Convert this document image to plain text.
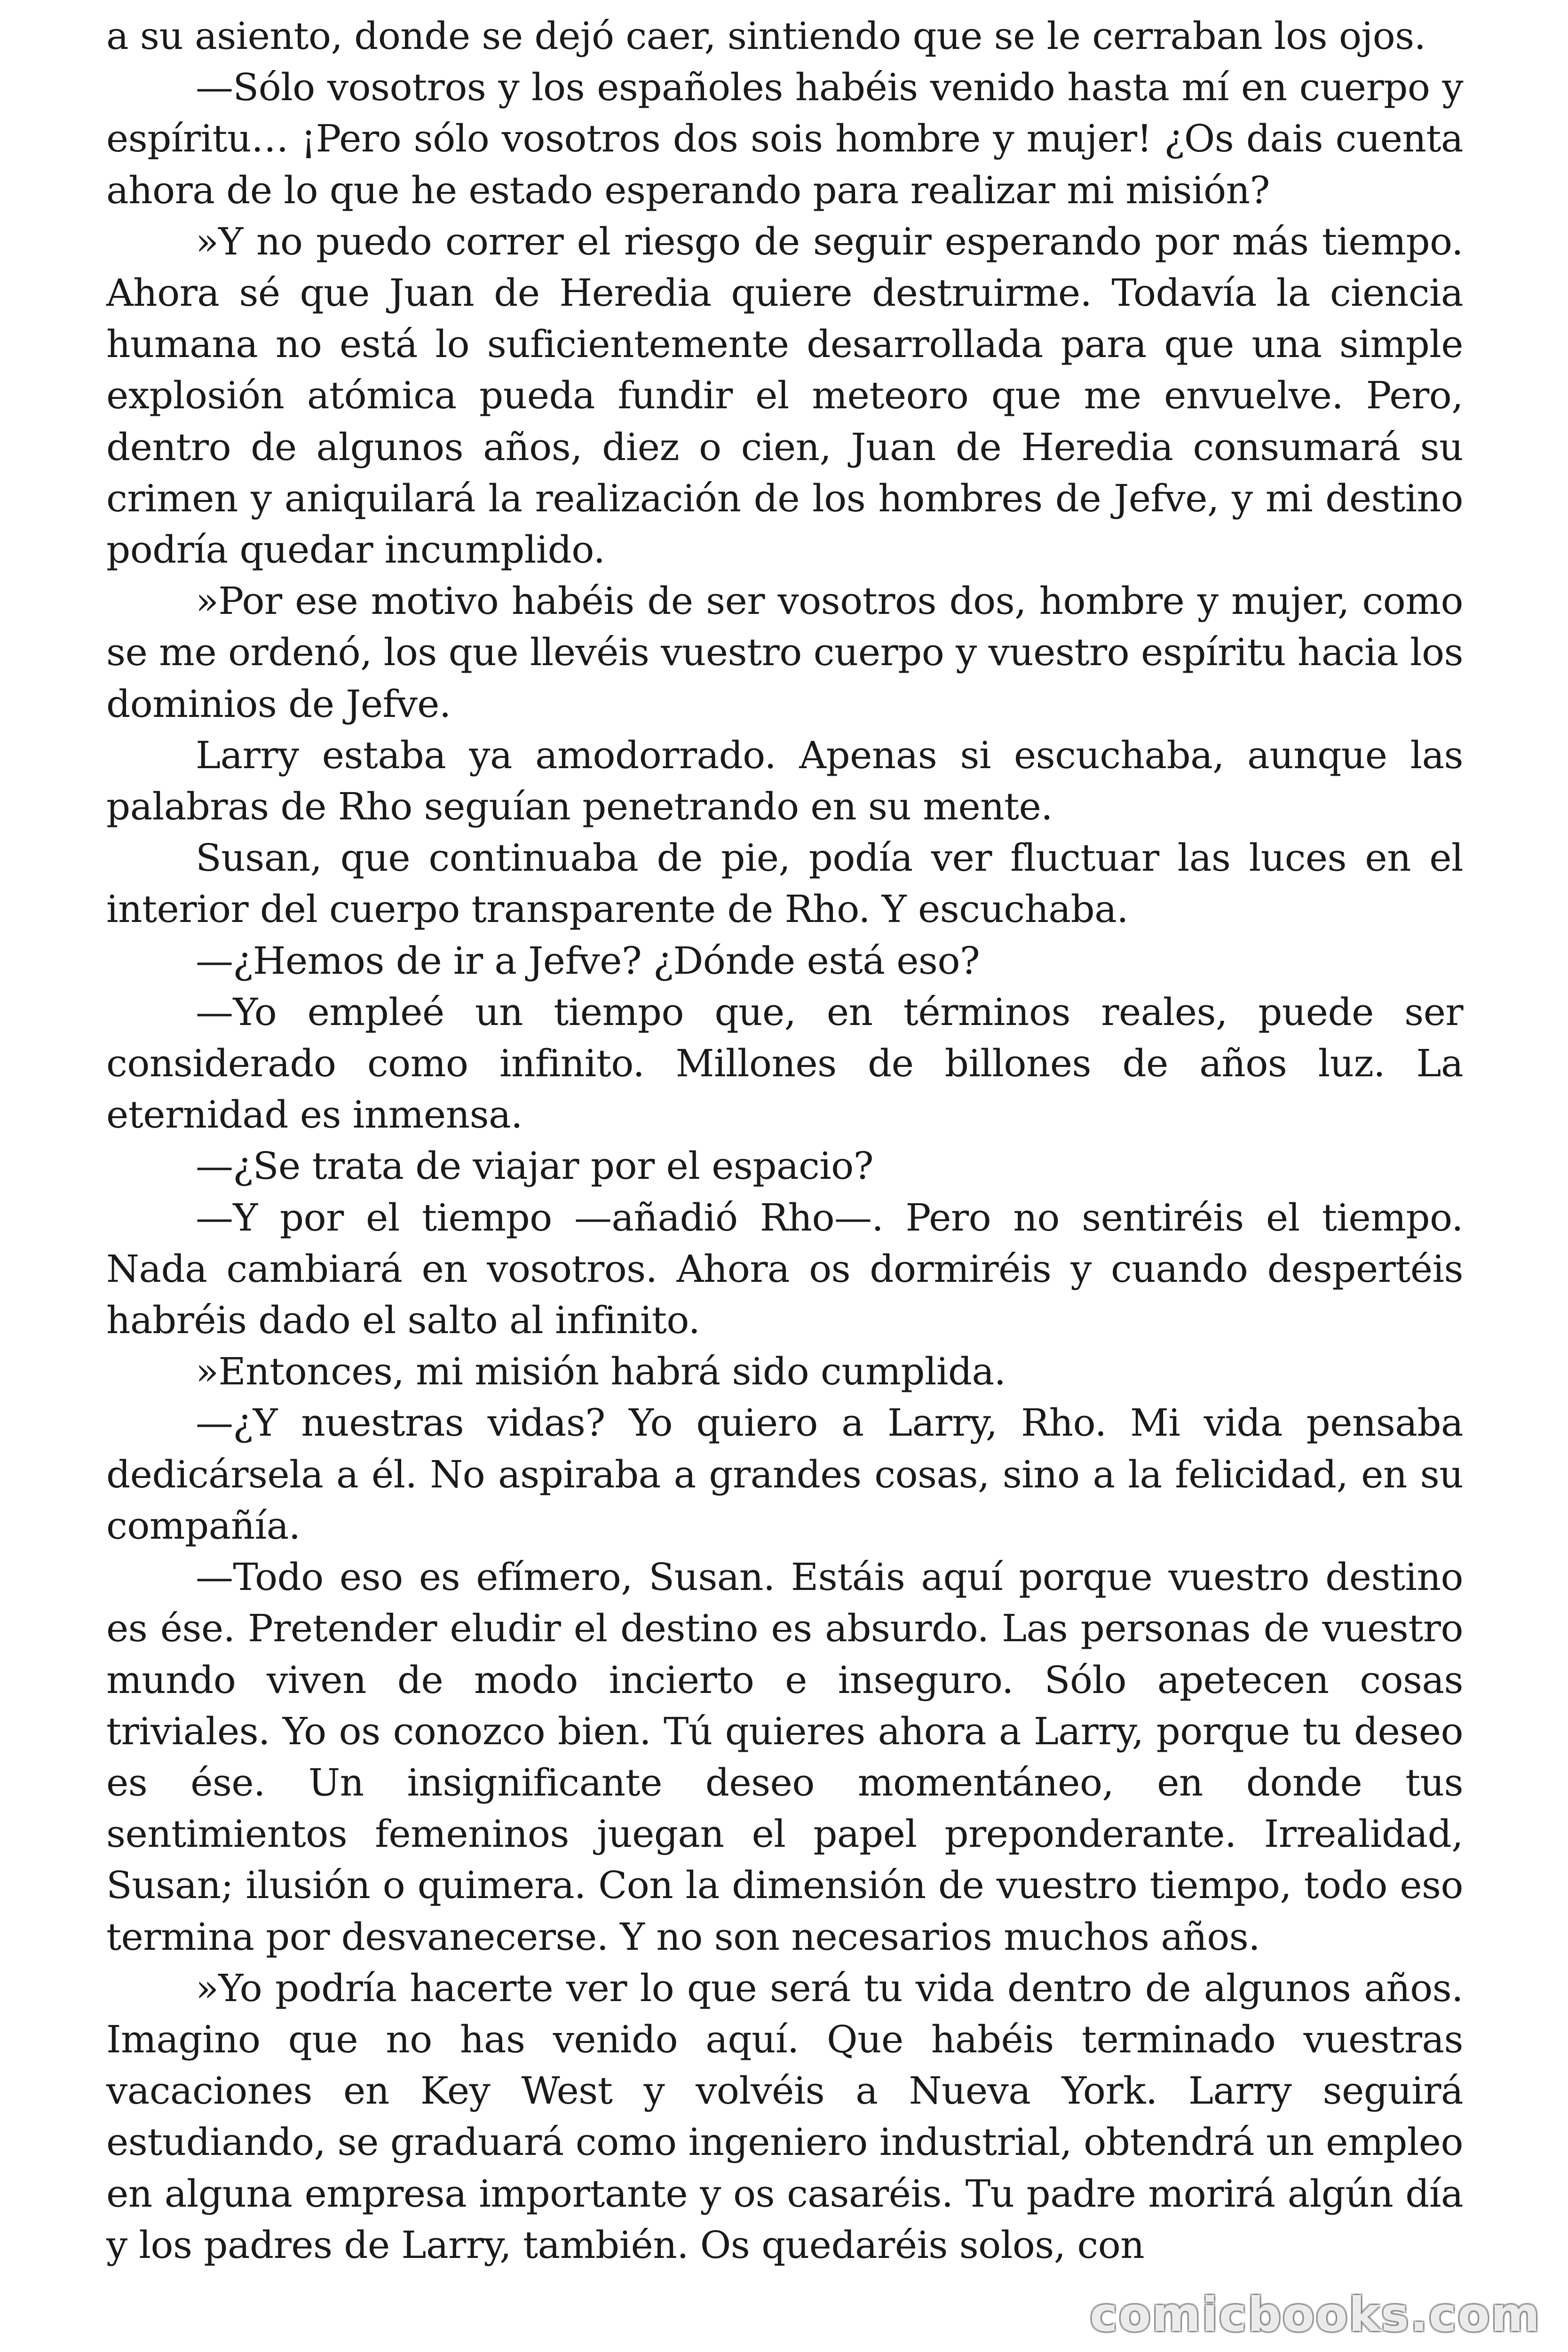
a su asiento, donde se dejó caer, sintiendo que se le cerraban los ojos.

—Sólo vosotros y los españoles habéis venido hasta mí en cuerpo y espíritu… ¡Pero sólo vosotros dos sois hombre y mujer! ¿Os dais cuenta ahora de lo que he estado esperando para realizar mi misión?

»Y no puedo correr el riesgo de seguir esperando por más tiempo. Ahora sé que Juan de Heredia quiere destruirme. Todavía la ciencia humana no está lo suficientemente desarrollada para que una simple explosión atómica pueda fundir el meteoro que me envuelve. Pero, dentro de algunos años, diez o cien, Juan de Heredia consumará su crimen y aniquilará la realización de los hombres de Jefve, y mi destino podría quedar incumplido.

»Por ese motivo habéis de ser vosotros dos, hombre y mujer, como se me ordenó, los que llevéis vuestro cuerpo y vuestro espíritu hacia los dominios de Jefve.

Larry estaba ya amodorrado. Apenas si escuchaba, aunque las palabras de Rho seguían penetrando en su mente.

Susan, que continuaba de pie, podía ver fluctuar las luces en el interior del cuerpo transparente de Rho. Y escuchaba.

—¿Hemos de ir a Jefve? ¿Dónde está eso?

—Yo empleé un tiempo que, en términos reales, puede ser considerado como infinito. Millones de billones de años luz. La eternidad es inmensa.

—¿Se trata de viajar por el espacio?

—Y por el tiempo —añadió Rho—. Pero no sentiréis el tiempo. Nada cambiará en vosotros. Ahora os dormiréis y cuando despertéis habréis dado el salto al infinito.

»Entonces, mi misión habrá sido cumplida.

—¿Y nuestras vidas? Yo quiero a Larry, Rho. Mi vida pensaba dedicársela a él. No aspiraba a grandes cosas, sino a la felicidad, en su compañía.

—Todo eso es efímero, Susan. Estáis aquí porque vuestro destino es ése. Pretender eludir el destino es absurdo. Las personas de vuestro mundo viven de modo incierto e inseguro. Sólo apetecen cosas triviales. Yo os conozco bien. Tú quieres ahora a Larry, porque tu deseo es ése. Un insignificante deseo momentáneo, en donde tus sentimientos femeninos juegan el papel preponderante. Irrealidad, Susan; ilusión o quimera. Con la dimensión de vuestro tiempo, todo eso termina por desvanecerse. Y no son necesarios muchos años.

»Yo podría hacerte ver lo que será tu vida dentro de algunos años. Imagino que no has venido aquí. Que habéis terminado vuestras vacaciones en Key West y volvéis a Nueva York. Larry seguirá estudiando, se graduará como ingeniero industrial, obtendrá un empleo en alguna empresa importante y os casaréis. Tu padre morirá algún día y los padres de Larry, también. Os quedaréis solos, con

comicbooks.com
